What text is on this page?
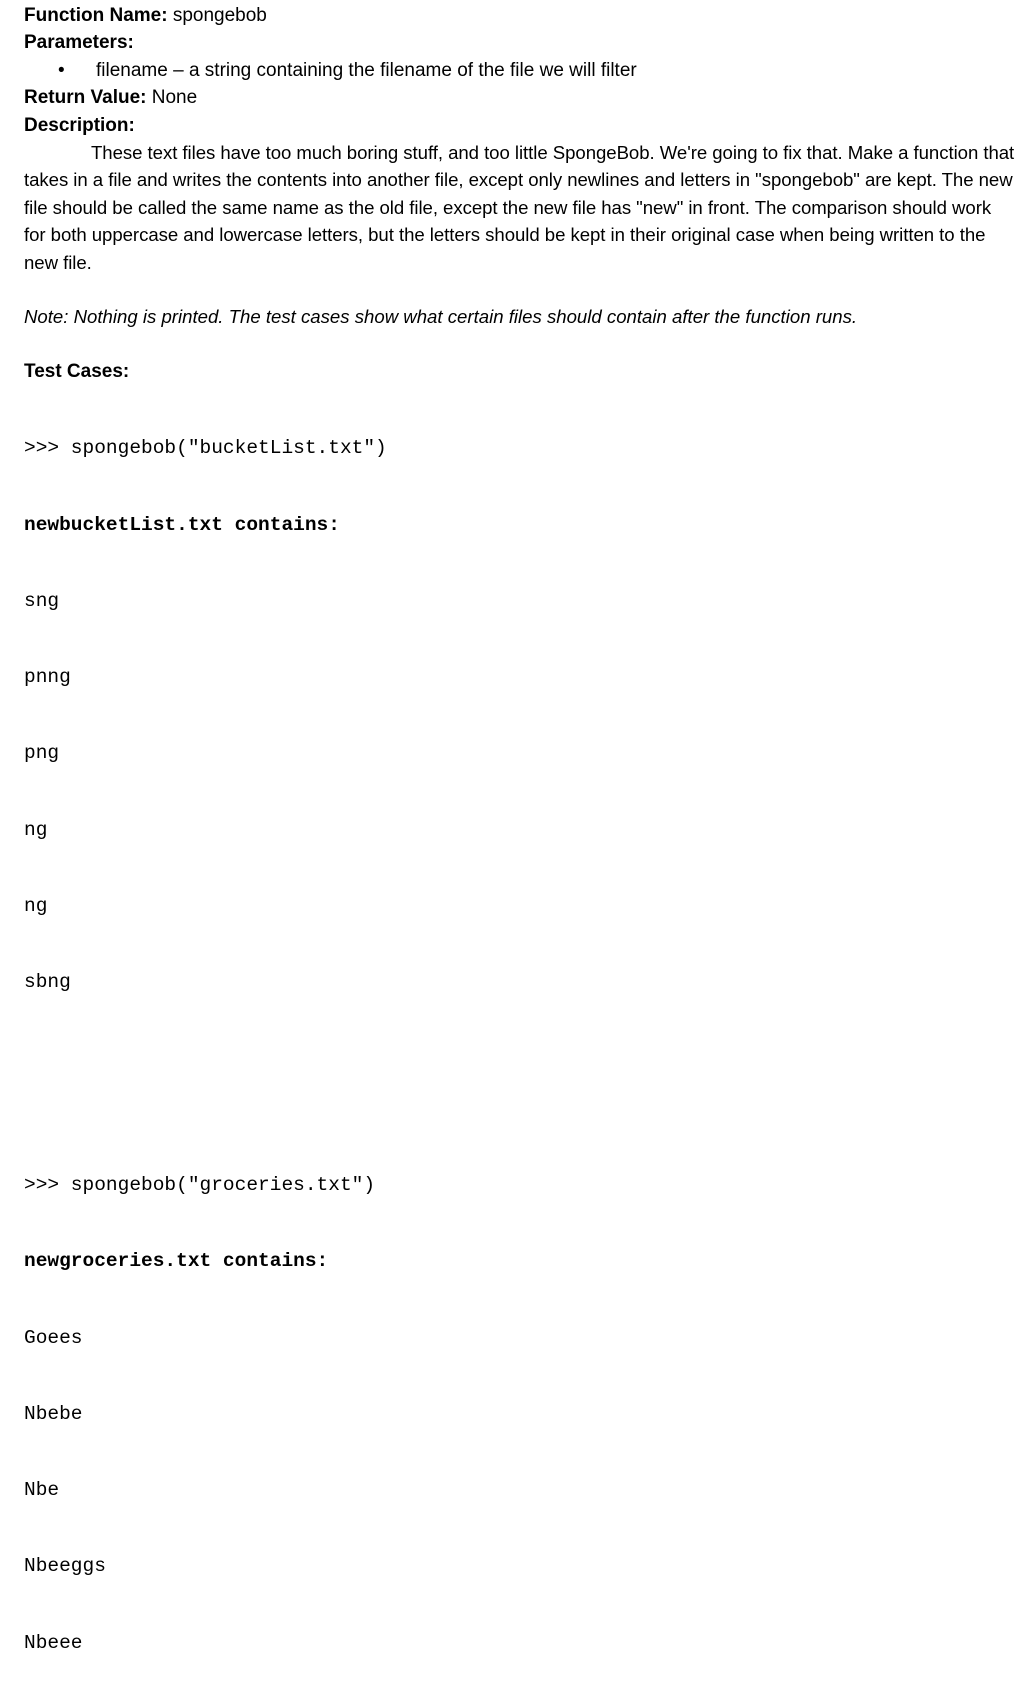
Function Name: spongebob
Parameters:
• filename – a string containing the filename of the file we will filter
Return Value: None
Description:
These text files have too much boring stuff, and too little SpongeBob. We're going to fix that. Make a function that takes in a file and writes the contents into another file, except only newlines and letters in "spongebob" are kept. The new file should be called the same name as the old file, except the new file has "new" in front. The comparison should work for both uppercase and lowercase letters, but the letters should be kept in their original case when being written to the new file.
Note: Nothing is printed. The test cases show what certain files should contain after the function runs.
Test Cases:

>>> spongebob("bucketList.txt")

newbucketList.txt contains:

sng

pnng

png

ng

ng

sbng

>>> spongebob("groceries.txt")

newgroceries.txt contains:

Goees

Nbebe

Nbe

Nbeeggs

Nbeee
